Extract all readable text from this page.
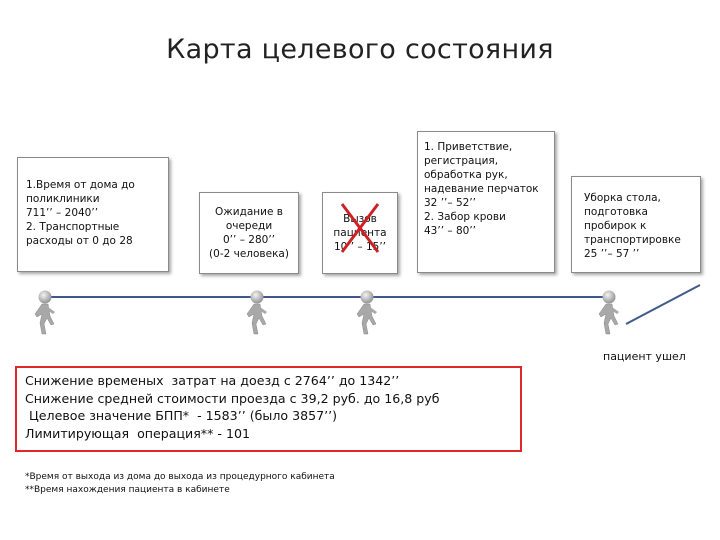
Карта целевого состояния
1.Время от дома до
поликлиники
711’’ – 2040’’
2. Транспортные
расходы от 0 до 28
Ожидание в
очереди
0’’ – 280’’
(0-2 человека)
Вызов
пациента
–
1. Приветствие,
регистрация,
обработка рук,
надевание перчаток
32 ’’– 52’’
2. Забор крови
43’’ – 80’’
Уборка стола,
подготовка
пробирок к
транспортировке
25 ’’– 57 ’’
пациент ушел
Снижение временых  затрат на доезд с 2764’’ до 1342’’
Снижение средней стоимости проезда с 39,2 руб. до 16,8 руб
Целевое значение БПП*  - 1583’’ (было 3857’’)
Лимитирующая  операция** - 101
*Время от выхода из дома до выхода из процедурного кабинета
**Время нахождения пациента в кабинете
